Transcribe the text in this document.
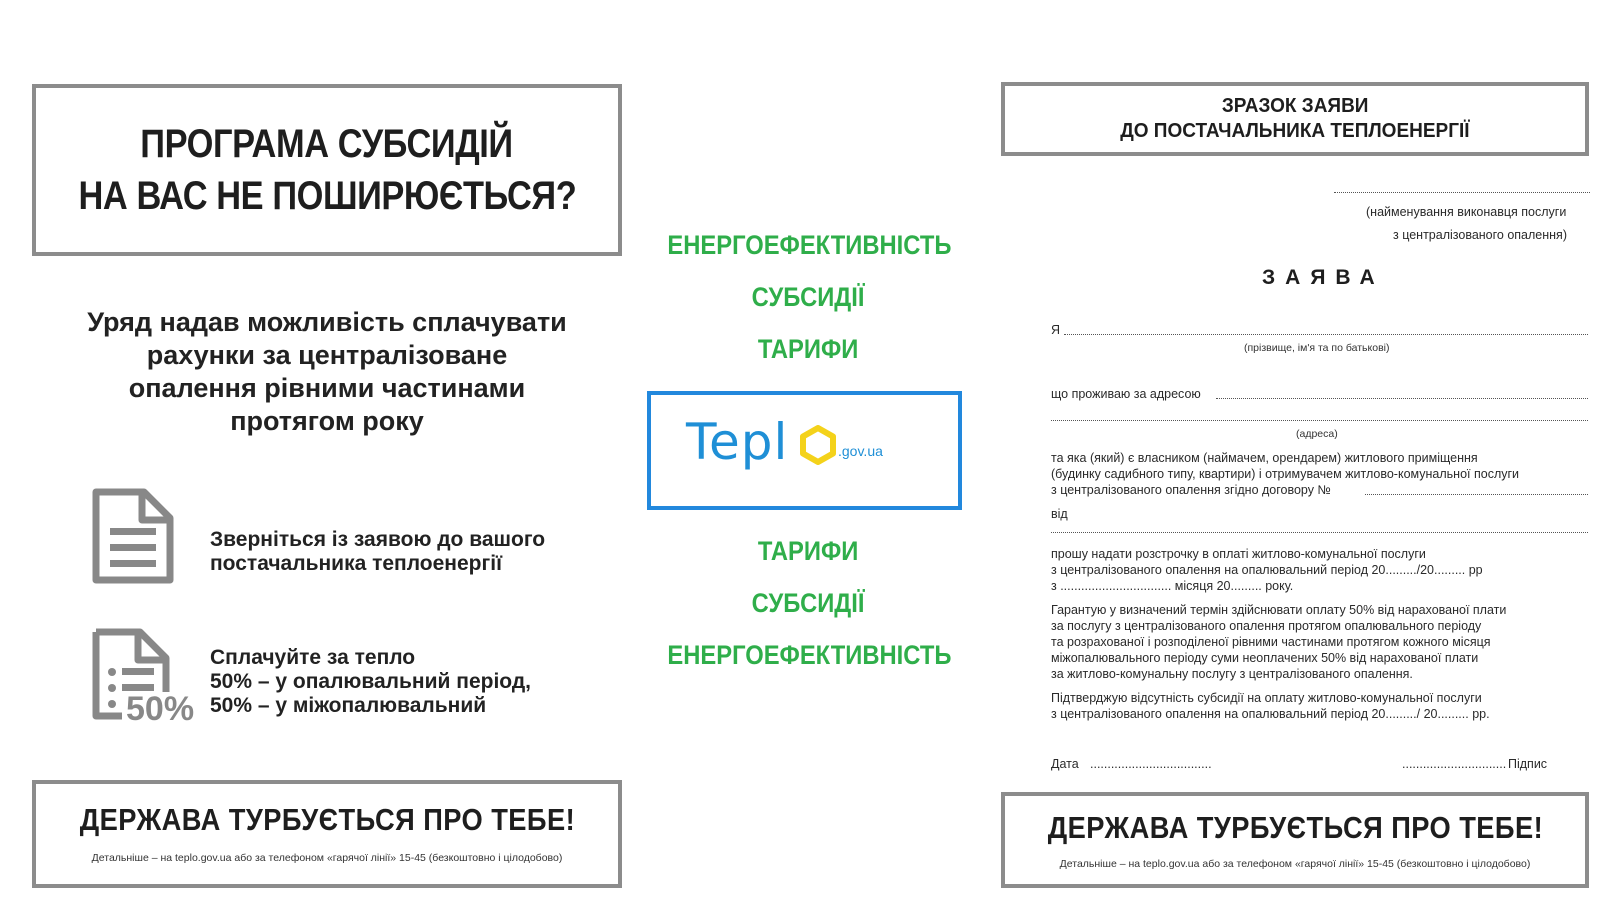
ПРОГРАМА СУБСИДІЙ
НА ВАС НЕ ПОШИРЮЄТЬСЯ?
Уряд надав можливість сплачувати
рахунки за централізоване
опалення рівними частинами
протягом року
Зверніться із заявою до вашого
постачальника теплоенергії
50%
Сплачуйте за тепло
50% – у опалювальний період,
50% – у міжопалювальний
ДЕРЖАВА ТУРБУЄТЬСЯ ПРО ТЕБЕ!
Детальніше – на teplo.gov.ua або за телефоном «гарячої лінії» 15-45 (безкоштовно і цілодобово)
ЕНЕРГОЕФЕКТИВНІСТЬ
СУБСИДІЇ
ТАРИФИ
Tepl	.gov.ua
ТАРИФИ
СУБСИДІЇ
ЕНЕРГОЕФЕКТИВНІСТЬ
ЗРАЗОК ЗАЯВИ
ДО ПОСТАЧАЛЬНИКА ТЕПЛОЕНЕРГІЇ
(найменування виконавця послуги
з централізованого опалення)
ЗАЯВА
Я
(прізвище, ім'я та по батькові)
що проживаю за адресою
(адреса)
та яка (який) є власником (наймачем, орендарем) житлового приміщення
(будинку садибного типу, квартири) і отримувачем житлово-комунальної послуги
з централізованого опалення згідно договору №
від
прошу надати розстрочку в оплаті житлово-комунальної послуги
з централізованого опалення на опалювальний період 20........./20......... рр
з ................................ місяця 20......... року.
Гарантую у визначений термін здійснювати оплату 50% від нарахованої плати
за послугу з централізованого опалення протягом опалювального періоду
та розрахованої і розподіленої рівними частинами протягом кожного місяця
міжопалювального періоду суми неоплачених 50% від нарахованої плати
за житлово-комунальну послугу з централізованого опалення.
Підтверджую відсутність субсидії на оплату житлово-комунальної послуги
з централізованого опалення на опалювальний період 20........./ 20......... рр.
Дата ...................................	.............................. Підпис
ДЕРЖАВА ТУРБУЄТЬСЯ ПРО ТЕБЕ!
Детальніше – на teplo.gov.ua або за телефоном «гарячої лінії» 15-45 (безкоштовно і цілодобово)
